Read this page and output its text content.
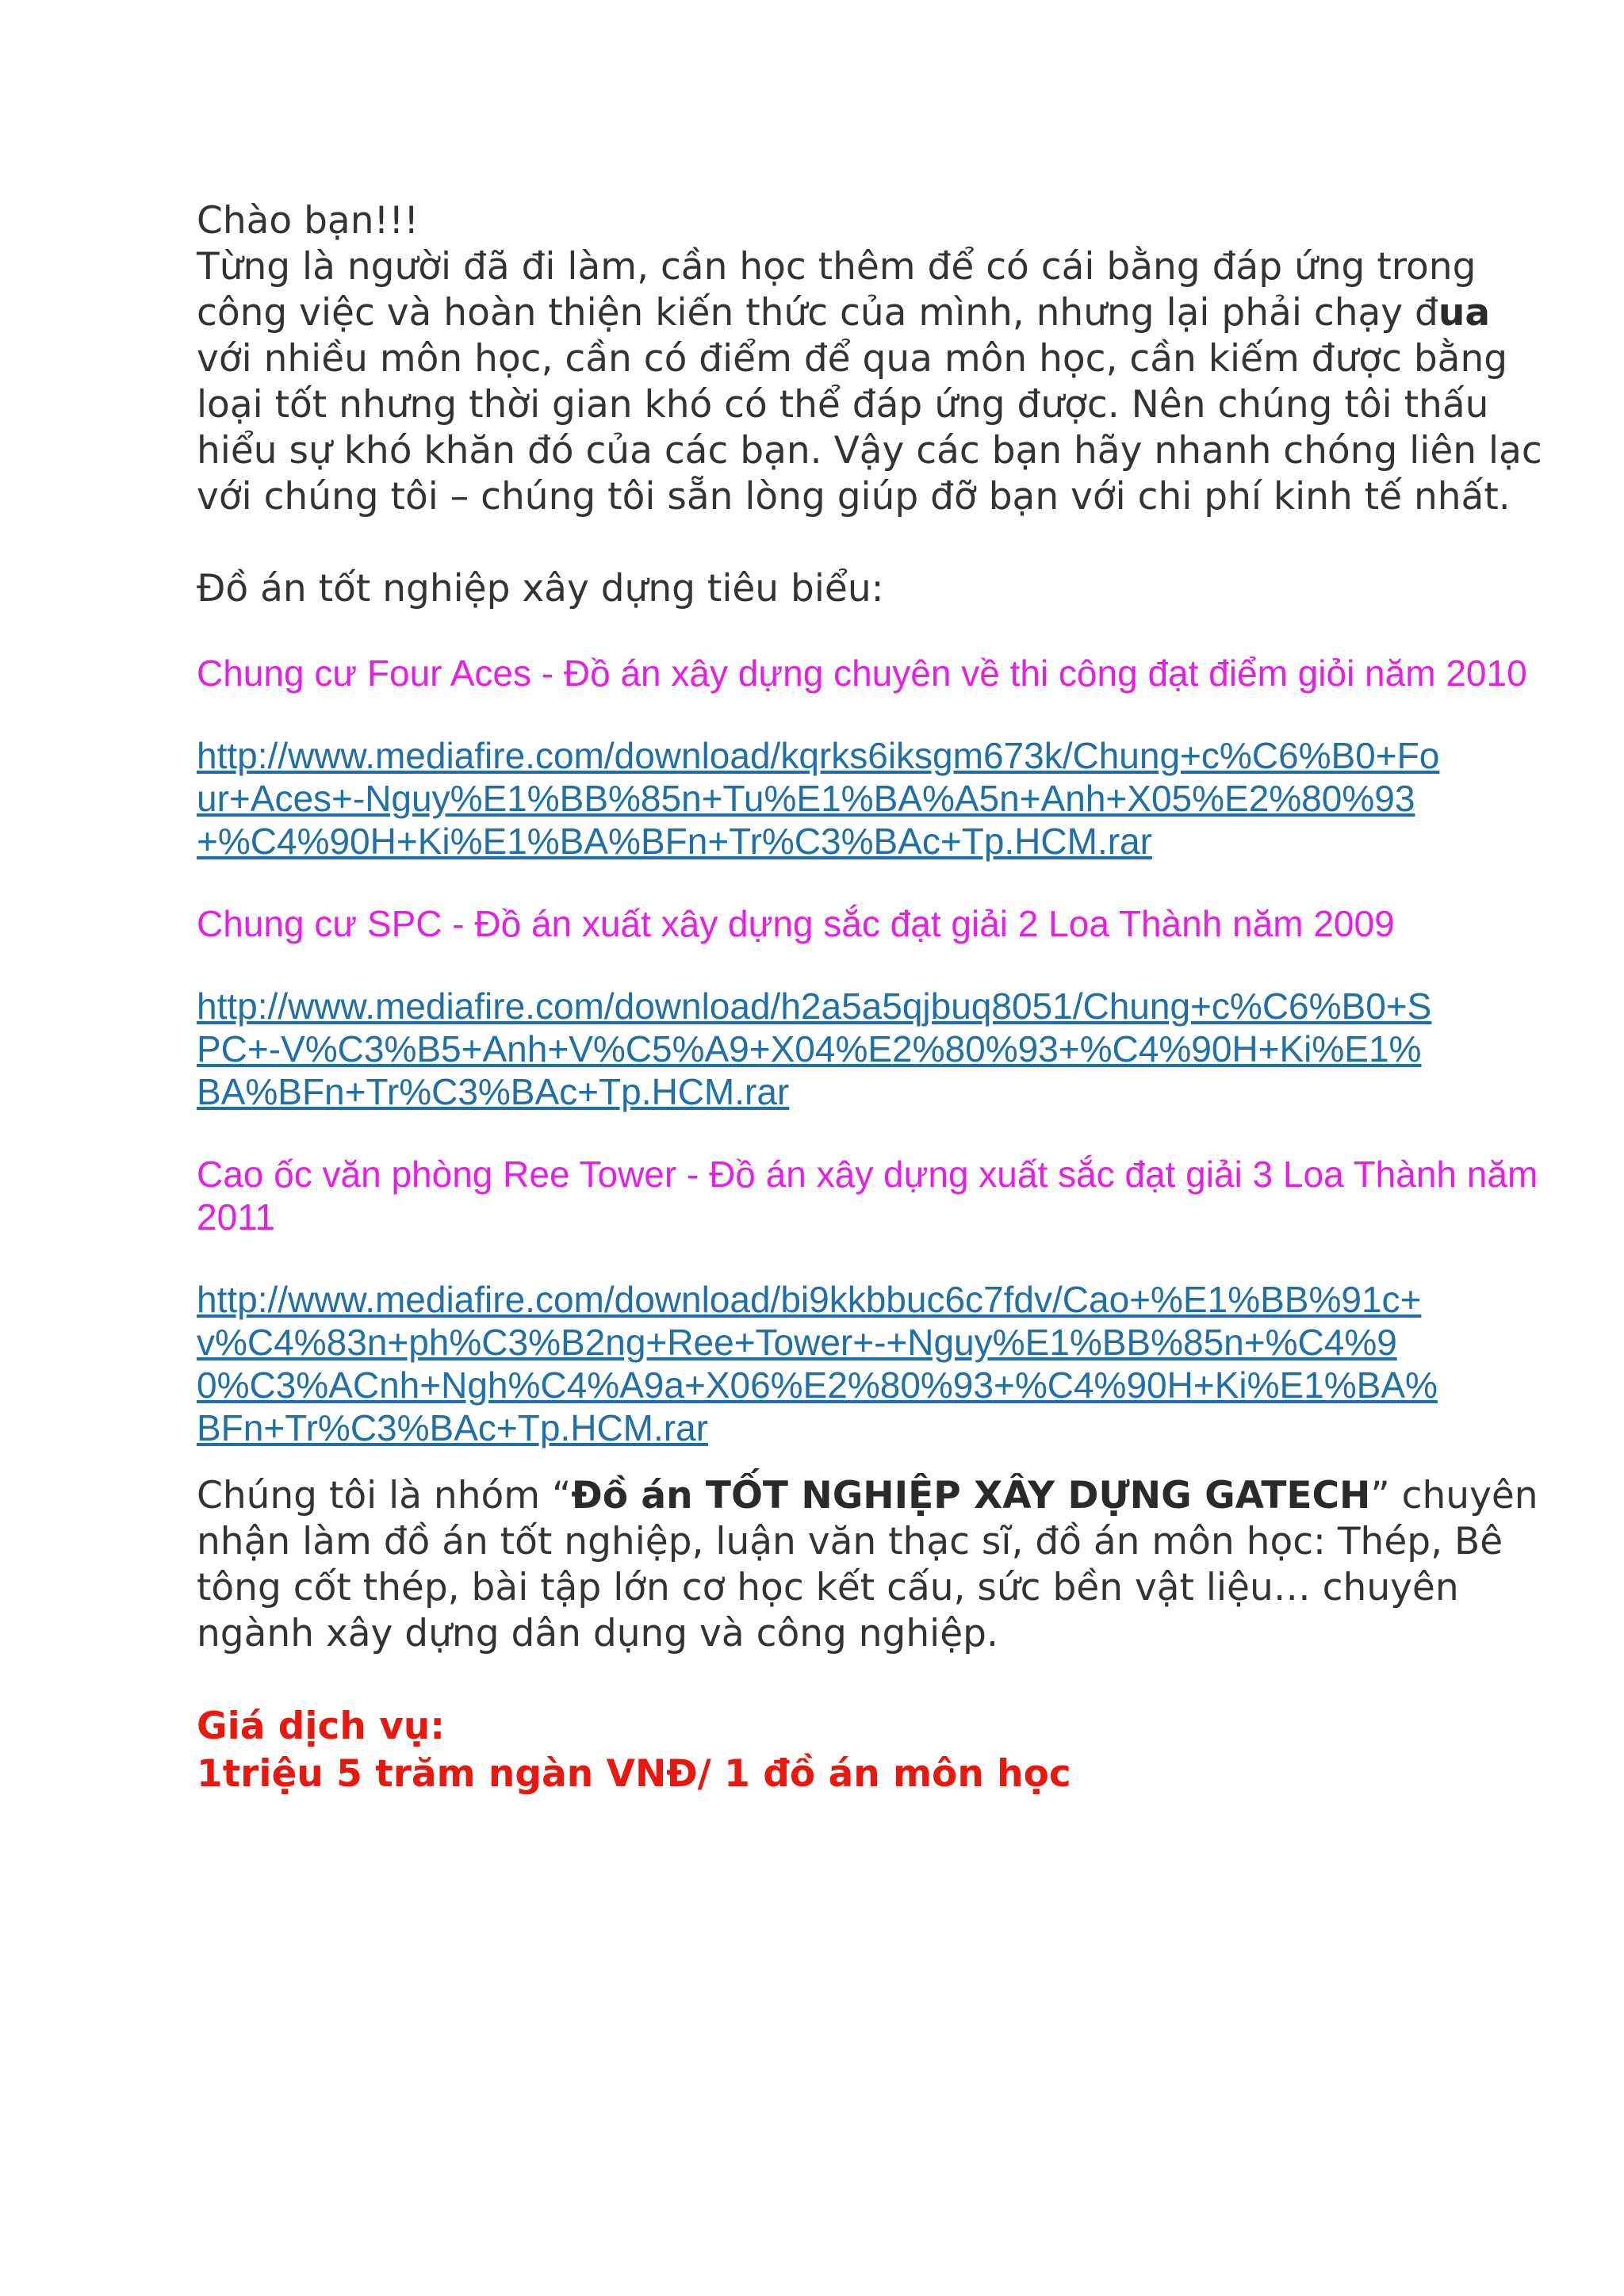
Chào bạn!!!

Từng là người đã đi làm, cần học thêm để có cái bằng đáp ứng trong công việc và hoàn thiện kiến thức của mình, nhưng lại phải chạy đua với nhiều môn học, cần có điểm để qua môn học, cần kiếm được bằng loại tốt nhưng thời gian khó có thể đáp ứng được. Nên chúng tôi thấu hiểu sự khó khăn đó của các bạn. Vậy các bạn hãy nhanh chóng liên lạc với chúng tôi – chúng tôi sẵn lòng giúp đỡ bạn với chi phí kinh tế nhất.

Đồ án tốt nghiệp xây dựng tiêu biểu:

Chung cư Four Aces - Đồ án xây dựng chuyên về thi công đạt điểm giỏi năm 2010

http://www.mediafire.com/download/kqrks6iksgm673k/Chung+c%C6%B0+Four+Aces+-Nguy%E1%BB%85n+Tu%E1%BA%A5n+Anh+X05%E2%80%93+%C4%90H+Ki%E1%BA%BFn+Tr%C3%BAc+Tp.HCM.rar

Chung cư SPC - Đồ án xuất xây dựng sắc đạt giải 2 Loa Thành năm 2009

http://www.mediafire.com/download/h2a5a5qjbuq8051/Chung+c%C6%B0+SPC+-V%C3%B5+Anh+V%C5%A9+X04%E2%80%93+%C4%90H+Ki%E1%BA%BFn+Tr%C3%BAc+Tp.HCM.rar

Cao ốc văn phòng Ree Tower - Đồ án xây dựng xuất sắc đạt giải 3 Loa Thành năm 2011

http://www.mediafire.com/download/bi9kkbbuc6c7fdv/Cao+%E1%BB%91c+v%C4%83n+ph%C3%B2ng+Ree+Tower+-+Nguy%E1%BB%85n+%C4%90%C3%ACnh+Ngh%C4%A9a+X06%E2%80%93+%C4%90H+Ki%E1%BA%BFn+Tr%C3%BAc+Tp.HCM.rar

Chúng tôi là nhóm “Đồ án TỐT NGHIỆP XÂY DỰNG GATECH” chuyên nhận làm đồ án tốt nghiệp, luận văn thạc sĩ, đồ án môn học: Thép, Bê tông cốt thép, bài tập lớn cơ học kết cấu, sức bền vật liệu… chuyên ngành xây dựng dân dụng và công nghiệp.

Giá dịch vụ:

1triệu 5 trăm ngàn VNĐ/ 1 đồ án môn học
